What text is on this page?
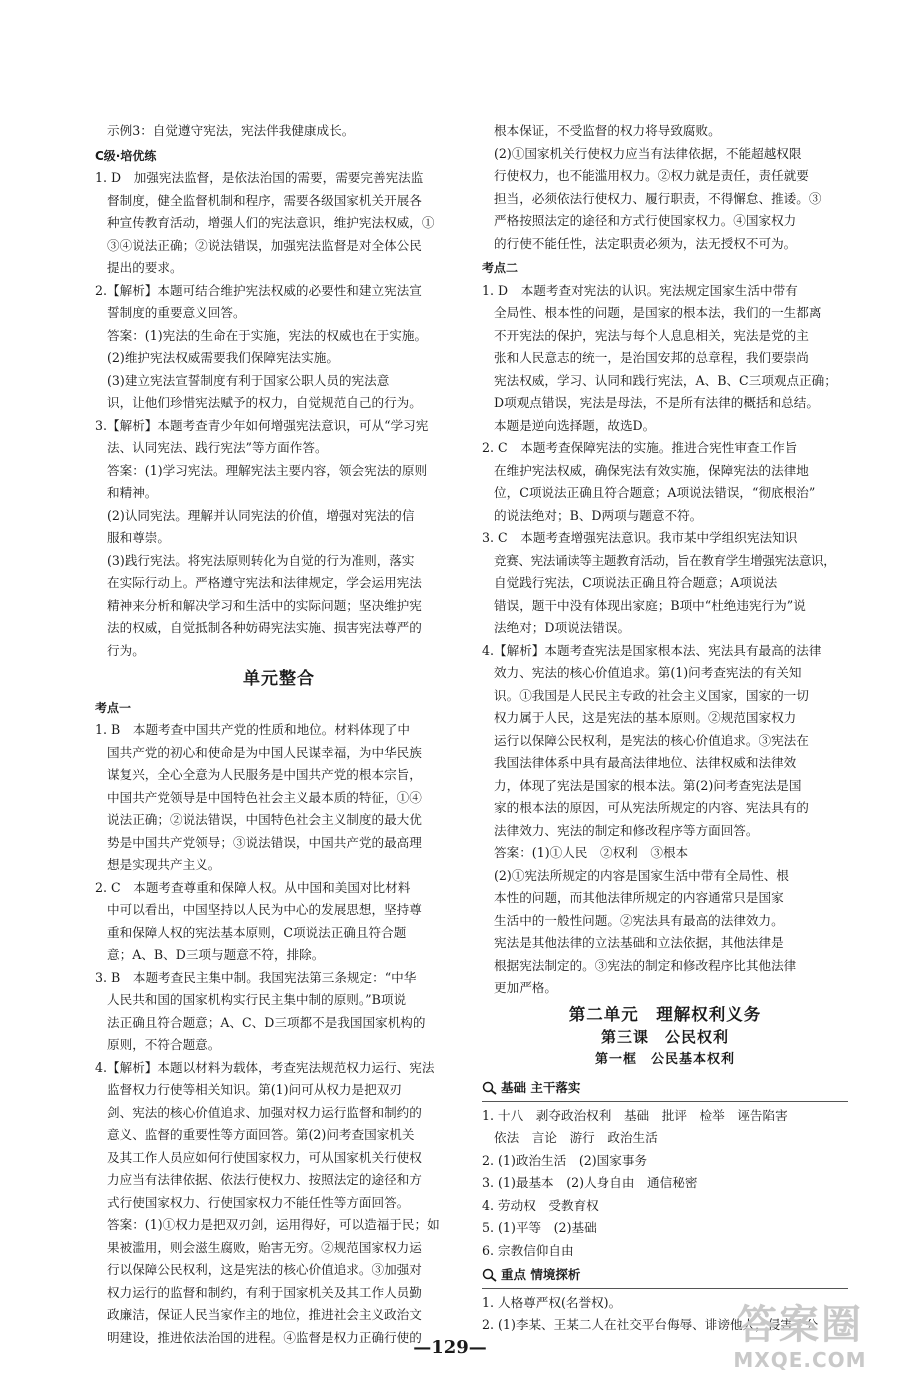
示例3：自觉遵守宪法，宪法伴我健康成长。

C级·培优练

1. D　加强宪法监督，是依法治国的需要，需要完善宪法监

督制度，健全监督机制和程序，需要各级国家机关开展各

种宣传教育活动，增强人们的宪法意识，维护宪法权威，①

③④说法正确；②说法错误，加强宪法监督是对全体公民

提出的要求。

2.【解析】本题可结合维护宪法权威的必要性和建立宪法宣

誓制度的重要意义回答。

答案：(1)宪法的生命在于实施，宪法的权威也在于实施。

(2)维护宪法权威需要我们保障宪法实施。

(3)建立宪法宣誓制度有利于国家公职人员的宪法意

识，让他们珍惜宪法赋予的权力，自觉规范自己的行为。

3.【解析】本题考查青少年如何增强宪法意识，可从“学习宪

法、认同宪法、践行宪法”等方面作答。

答案：(1)学习宪法。理解宪法主要内容，领会宪法的原则

和精神。

(2)认同宪法。理解并认同宪法的价值，增强对宪法的信

服和尊崇。

(3)践行宪法。将宪法原则转化为自觉的行为准则，落实

在实际行动上。严格遵守宪法和法律规定，学会运用宪法

精神来分析和解决学习和生活中的实际问题；坚决维护宪

法的权威，自觉抵制各种妨碍宪法实施、损害宪法尊严的

行为。

单元整合

考点一

1. B　本题考查中国共产党的性质和地位。材料体现了中

国共产党的初心和使命是为中国人民谋幸福，为中华民族

谋复兴，全心全意为人民服务是中国共产党的根本宗旨，

中国共产党领导是中国特色社会主义最本质的特征，①④

说法正确；②说法错误，中国特色社会主义制度的最大优

势是中国共产党领导；③说法错误，中国共产党的最高理

想是实现共产主义。

2. C　本题考查尊重和保障人权。从中国和美国对比材料

中可以看出，中国坚持以人民为中心的发展思想，坚持尊

重和保障人权的宪法基本原则，C项说法正确且符合题

意；A、B、D三项与题意不符，排除。

3. B　本题考查民主集中制。我国宪法第三条规定：“中华

人民共和国的国家机构实行民主集中制的原则。”B项说

法正确且符合题意；A、C、D三项都不是我国国家机构的

原则，不符合题意。

4.【解析】本题以材料为载体，考查宪法规范权力运行、宪法

监督权力行使等相关知识。第(1)问可从权力是把双刃

剑、宪法的核心价值追求、加强对权力运行监督和制约的

意义、监督的重要性等方面回答。第(2)问考查国家机关

及其工作人员应如何行使国家权力，可从国家机关行使权

力应当有法律依据、依法行使权力、按照法定的途径和方

式行使国家权力、行使国家权力不能任性等方面回答。

答案：(1)①权力是把双刃剑，运用得好，可以造福于民；如

果被滥用，则会滋生腐败，贻害无穷。②规范国家权力运

行以保障公民权利，这是宪法的核心价值追求。③加强对

权力运行的监督和制约，有利于国家机关及其工作人员勤

政廉洁，保证人民当家作主的地位，推进社会主义政治文

明建设，推进依法治国的进程。④监督是权力正确行使的

根本保证，不受监督的权力将导致腐败。

(2)①国家机关行使权力应当有法律依据，不能超越权限

行使权力，也不能滥用权力。②权力就是责任，责任就要

担当，必须依法行使权力、履行职责，不得懈怠、推诿。③

严格按照法定的途径和方式行使国家权力。④国家权力

的行使不能任性，法定职责必须为，法无授权不可为。

考点二

1. D　本题考查对宪法的认识。宪法规定国家生活中带有

全局性、根本性的问题，是国家的根本法，我们的一生都离

不开宪法的保护，宪法与每个人息息相关，宪法是党的主

张和人民意志的统一，是治国安邦的总章程，我们要崇尚

宪法权威，学习、认同和践行宪法，A、B、C三项观点正确；

D项观点错误，宪法是母法，不是所有法律的概括和总结。

本题是逆向选择题，故选D。

2. C　本题考查保障宪法的实施。推进合宪性审查工作旨

在维护宪法权威，确保宪法有效实施，保障宪法的法律地

位，C项说法正确且符合题意；A项说法错误，“彻底根治”

的说法绝对；B、D两项与题意不符。

3. C　本题考查增强宪法意识。我市某中学组织宪法知识

竞赛、宪法诵读等主题教育活动，旨在教育学生增强宪法意识，

自觉践行宪法，C项说法正确且符合题意；A项说法

错误，题干中没有体现出家庭；B项中“杜绝违宪行为”说

法绝对；D项说法错误。

4.【解析】本题考查宪法是国家根本法、宪法具有最高的法律

效力、宪法的核心价值追求。第(1)问考查宪法的有关知

识。①我国是人民民主专政的社会主义国家，国家的一切

权力属于人民，这是宪法的基本原则。②规范国家权力

运行以保障公民权利，是宪法的核心价值追求。③宪法在

我国法律体系中具有最高法律地位、法律权威和法律效

力，体现了宪法是国家的根本法。第(2)问考查宪法是国

家的根本法的原因，可从宪法所规定的内容、宪法具有的

法律效力、宪法的制定和修改程序等方面回答。

答案：(1)①人民　②权利　③根本

(2)①宪法所规定的内容是国家生活中带有全局性、根

本性的问题，而其他法律所规定的内容通常只是国家

生活中的一般性问题。②宪法具有最高的法律效力。

宪法是其他法律的立法基础和立法依据，其他法律是

根据宪法制定的。③宪法的制定和修改程序比其他法律

更加严格。

第二单元　理解权利义务
第三课　公民权利
第一框　公民基本权利
基础 主干落实

1. 十八　剥夺政治权利　基础　批评　检举　诬告陷害

依法　言论　游行　政治生活

2. (1)政治生活　(2)国家事务

3. (1)最基本　(2)人身自由　通信秘密

4. 劳动权　受教育权

5. (1)平等　(2)基础

6. 宗教信仰自由

重点 情境探析

1. 人格尊严权(名誉权)。

2. (1)李某、王某二人在社交平台侮辱、诽谤他人，侵害了公

—129—	答案圈
MXQE.COM
